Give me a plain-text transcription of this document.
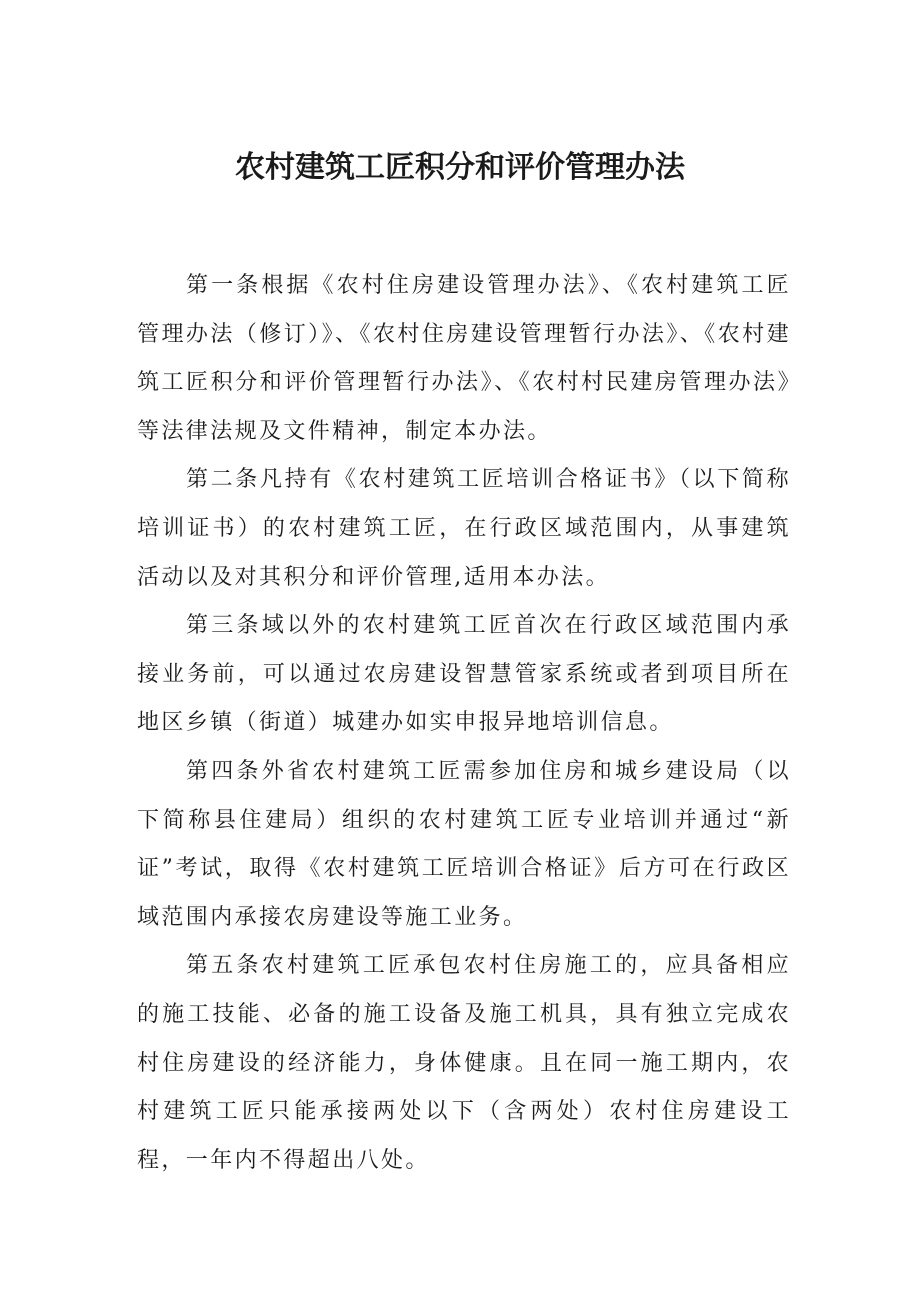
农村建筑工匠积分和评价管理办法

第一条根据《农村住房建设管理办法》、《农村建筑工匠管理办法（修订）》、《农村住房建设管理暂行办法》、《农村建筑工匠积分和评价管理暂行办法》、《农村村民建房管理办法》等法律法规及文件精神，制定本办法。

第二条凡持有《农村建筑工匠培训合格证书》（以下简称培训证书）的农村建筑工匠，在行政区域范围内，从事建筑活动以及对其积分和评价管理,适用本办法。

第三条域以外的农村建筑工匠首次在行政区域范围内承接业务前，可以通过农房建设智慧管家系统或者到项目所在地区乡镇（街道）城建办如实申报异地培训信息。

第四条外省农村建筑工匠需参加住房和城乡建设局（以下简称县住建局）组织的农村建筑工匠专业培训并通过“新证”考试，取得《农村建筑工匠培训合格证》后方可在行政区域范围内承接农房建设等施工业务。

第五条农村建筑工匠承包农村住房施工的，应具备相应的施工技能、必备的施工设备及施工机具，具有独立完成农村住房建设的经济能力，身体健康。且在同一施工期内，农村建筑工匠只能承接两处以下（含两处）农村住房建设工程，一年内不得超出八处。
